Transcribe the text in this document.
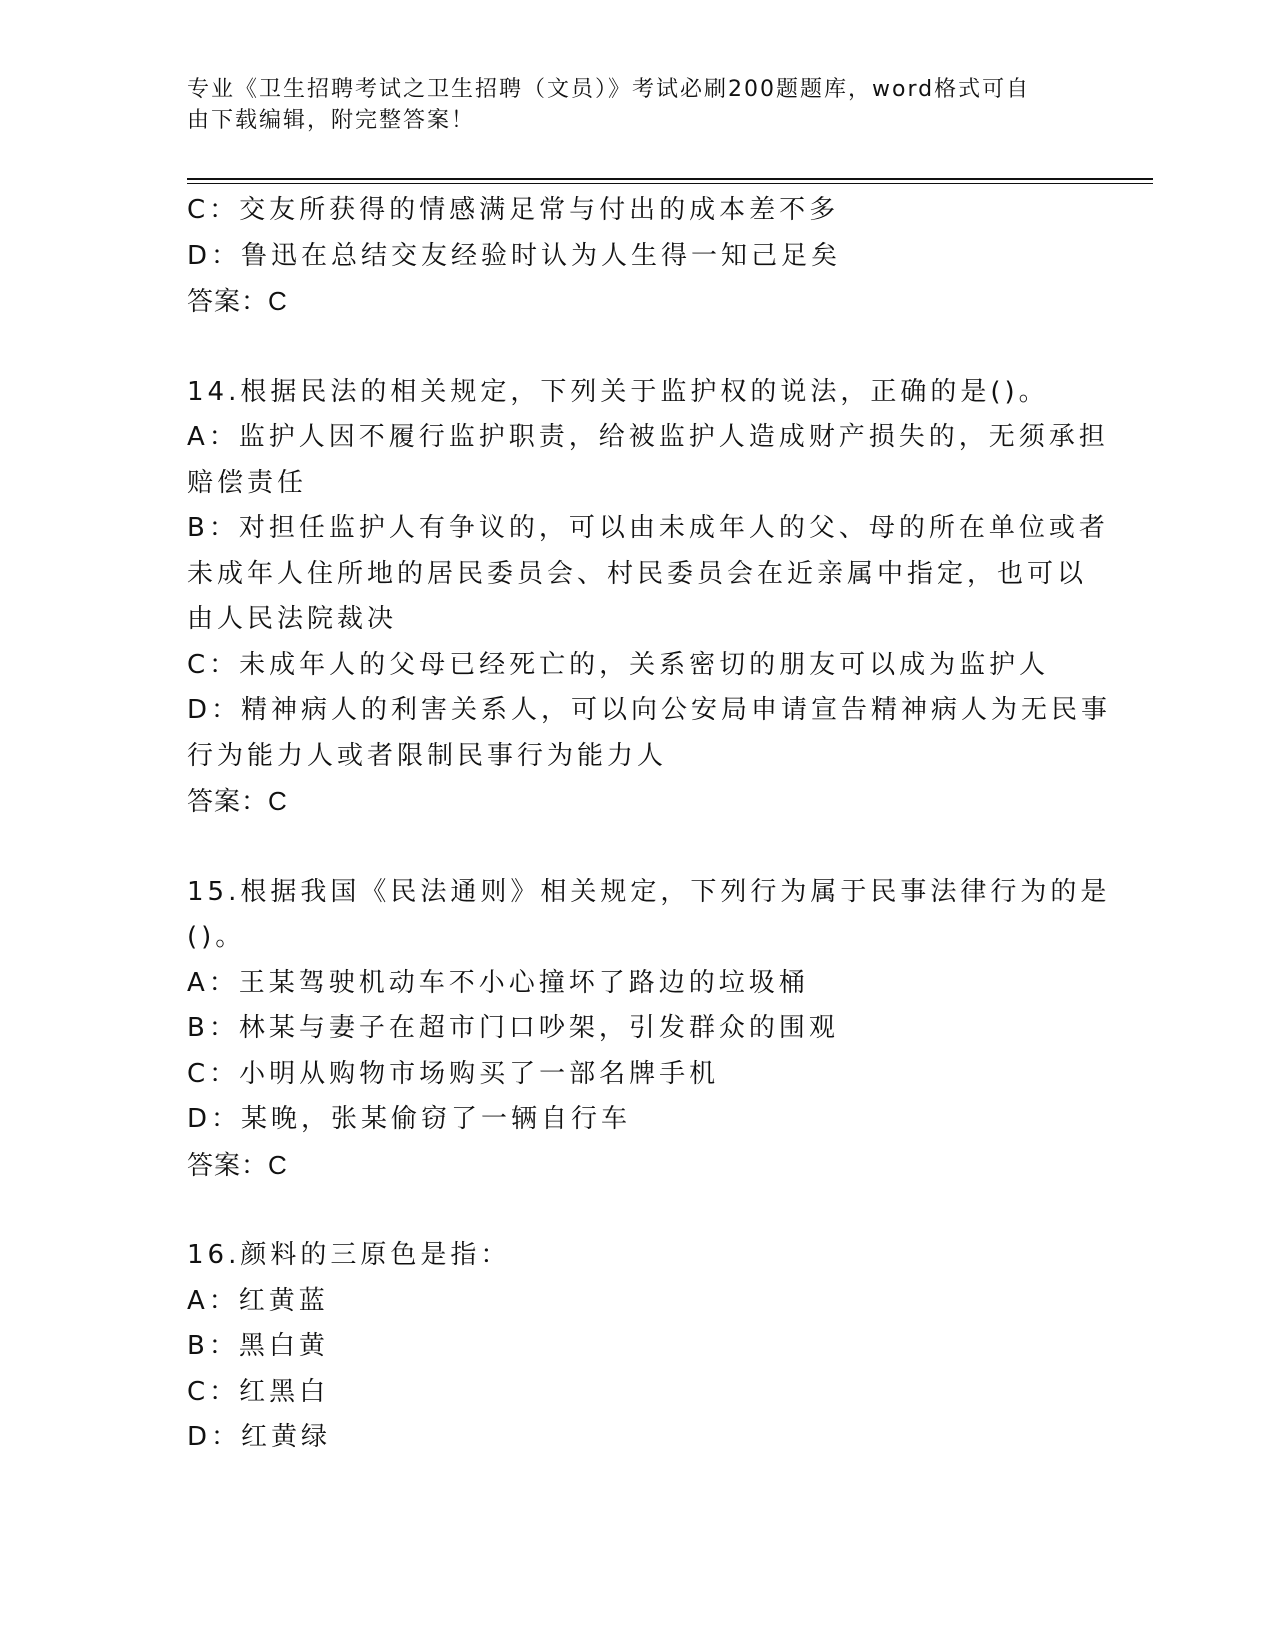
专业《卫生招聘考试之卫生招聘（文员）》考试必刷200题题库，word格式可自
由下载编辑，附完整答案！
C：交友所获得的情感满足常与付出的成本差不多
D：鲁迅在总结交友经验时认为人生得一知己足矣
答案：C
14.根据民法的相关规定，下列关于监护权的说法，正确的是()。
A：监护人因不履行监护职责，给被监护人造成财产损失的，无须承担
赔偿责任
B：对担任监护人有争议的，可以由未成年人的父、母的所在单位或者
未成年人住所地的居民委员会、村民委员会在近亲属中指定，也可以
由人民法院裁决
C：未成年人的父母已经死亡的，关系密切的朋友可以成为监护人
D：精神病人的利害关系人，可以向公安局申请宣告精神病人为无民事
行为能力人或者限制民事行为能力人
答案：C
15.根据我国《民法通则》相关规定，下列行为属于民事法律行为的是
()。
A：王某驾驶机动车不小心撞坏了路边的垃圾桶
B：林某与妻子在超市门口吵架，引发群众的围观
C：小明从购物市场购买了一部名牌手机
D：某晚，张某偷窃了一辆自行车
答案：C
16.颜料的三原色是指：
A：红黄蓝
B：黑白黄
C：红黑白
D：红黄绿
